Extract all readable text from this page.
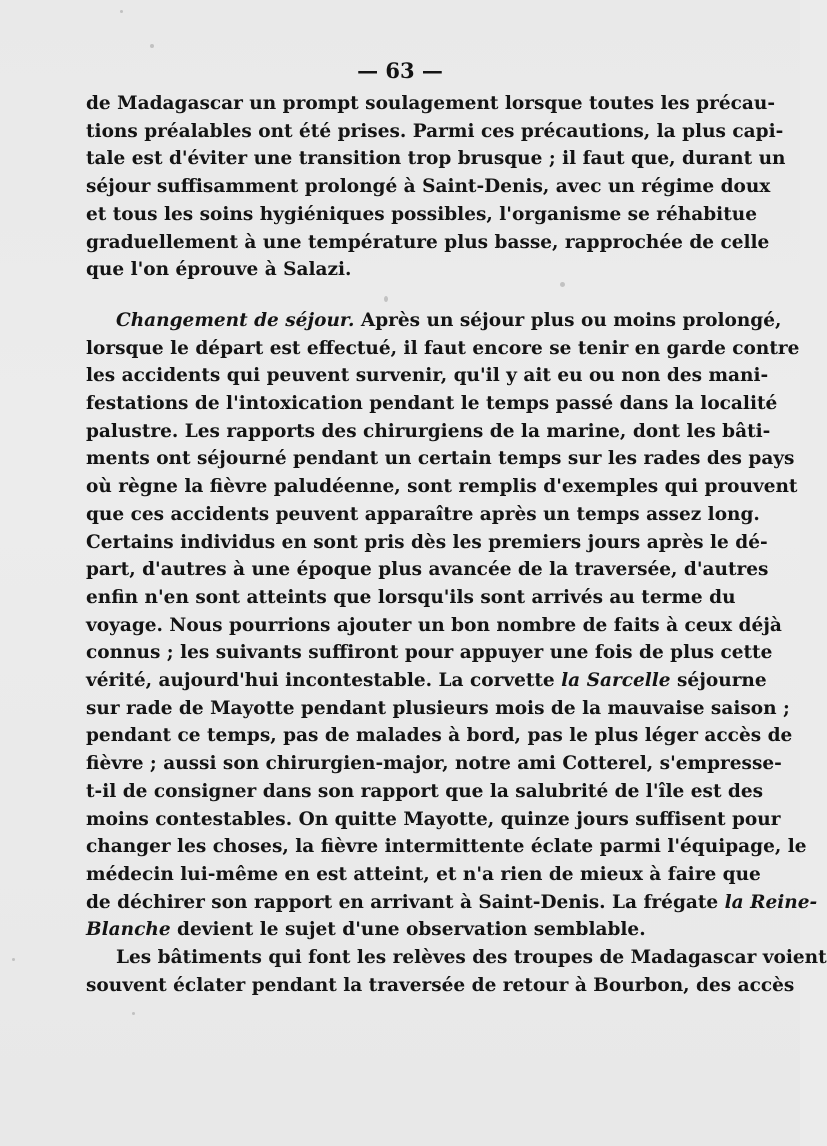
— 63 —
de Madagascar un prompt soulagement lorsque toutes les précau-
tions préalables ont été prises. Parmi ces précautions, la plus capi-
tale est d'éviter une transition trop brusque ; il faut que, durant un
séjour suffisamment prolongé à Saint-Denis, avec un régime doux
et tous les soins hygiéniques possibles, l'organisme se réhabitue
graduellement à une température plus basse, rapprochée de celle
que l'on éprouve à Salazi.
Changement de séjour. Après un séjour plus ou moins prolongé,
lorsque le départ est effectué, il faut encore se tenir en garde contre
les accidents qui peuvent survenir, qu'il y ait eu ou non des mani-
festations de l'intoxication pendant le temps passé dans la localité
palustre. Les rapports des chirurgiens de la marine, dont les bâti-
ments ont séjourné pendant un certain temps sur les rades des pays
où règne la fièvre paludéenne, sont remplis d'exemples qui prouvent
que ces accidents peuvent apparaître après un temps assez long.
Certains individus en sont pris dès les premiers jours après le dé-
part, d'autres à une époque plus avancée de la traversée, d'autres
enfin n'en sont atteints que lorsqu'ils sont arrivés au terme du
voyage. Nous pourrions ajouter un bon nombre de faits à ceux déjà
connus ; les suivants suffiront pour appuyer une fois de plus cette
vérité, aujourd'hui incontestable. La corvette la Sarcelle séjourne
sur rade de Mayotte pendant plusieurs mois de la mauvaise saison ;
pendant ce temps, pas de malades à bord, pas le plus léger accès de
fièvre ; aussi son chirurgien-major, notre ami Cotterel, s'empresse-
t-il de consigner dans son rapport que la salubrité de l'île est des
moins contestables. On quitte Mayotte, quinze jours suffisent pour
changer les choses, la fièvre intermittente éclate parmi l'équipage, le
médecin lui-même en est atteint, et n'a rien de mieux à faire que
de déchirer son rapport en arrivant à Saint-Denis. La frégate la Reine-
Blanche devient le sujet d'une observation semblable.
Les bâtiments qui font les relèves des troupes de Madagascar voient
souvent éclater pendant la traversée de retour à Bourbon, des accès
